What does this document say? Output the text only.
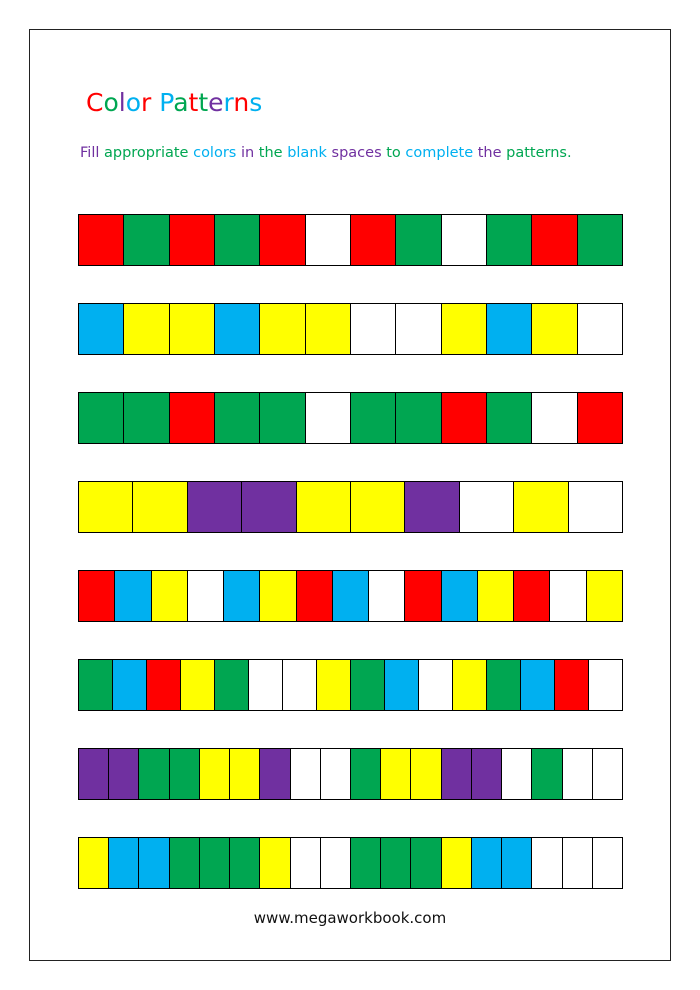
Color Patterns

Fill appropriate colors in the blank spaces to complete the patterns.

www.megaworkbook.com
